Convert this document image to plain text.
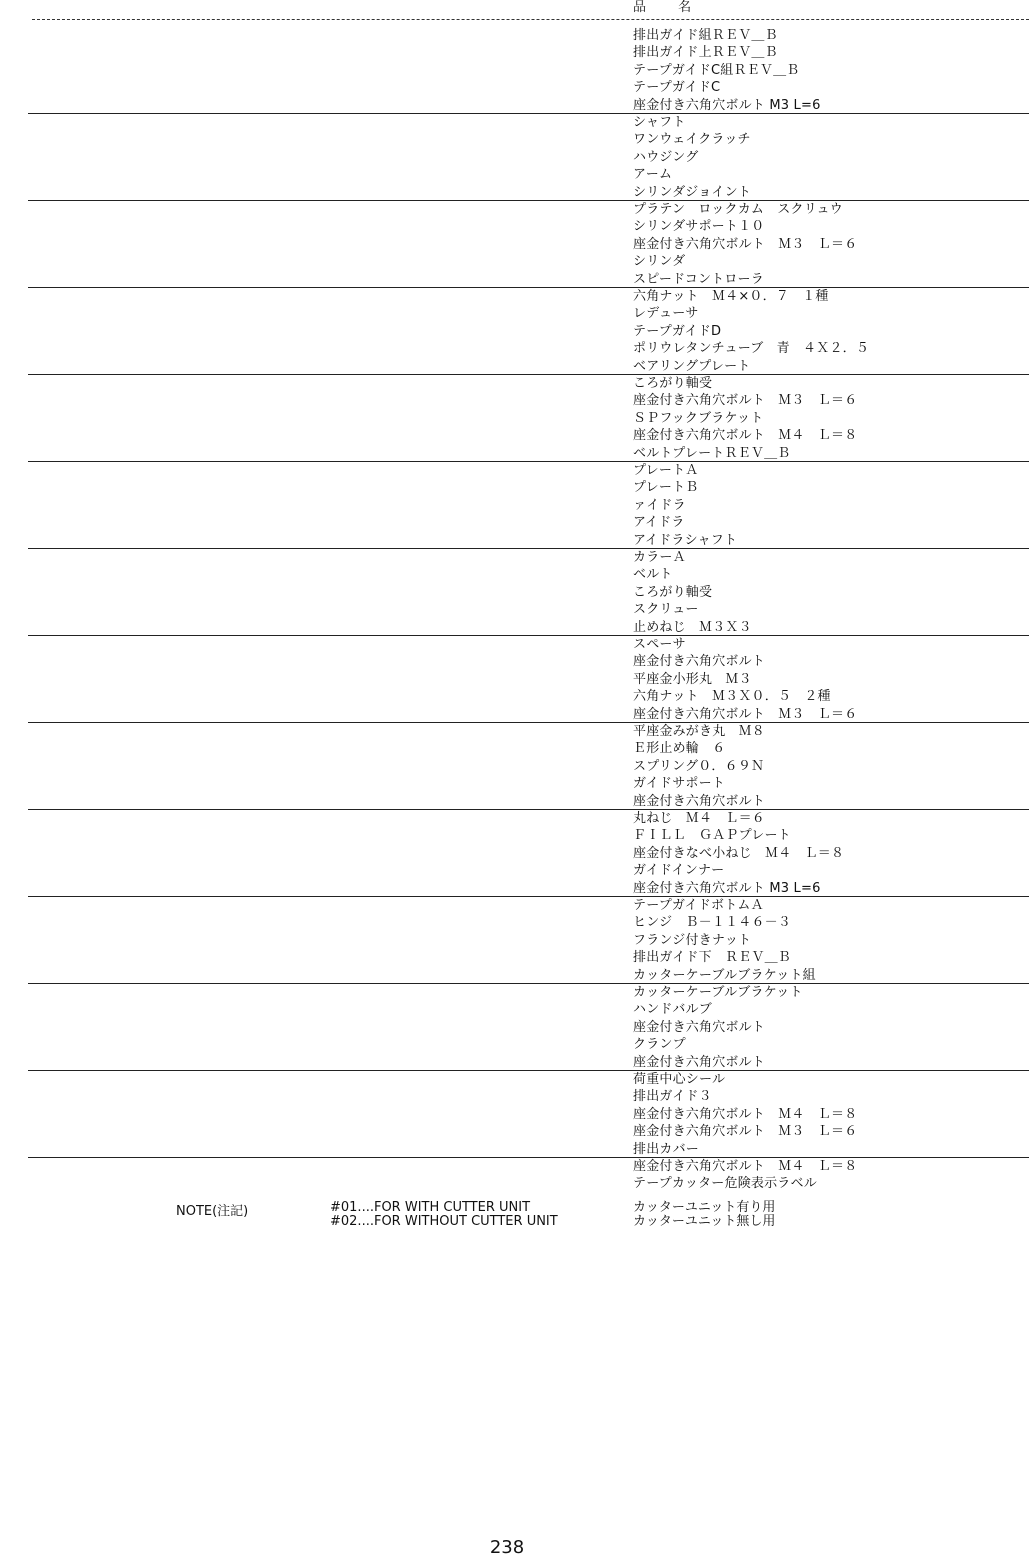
品 名
排出ガイド組ＲＥＶ＿Ｂ
排出ガイド上ＲＥＶ＿Ｂ
テープガイドC組ＲＥＶ＿Ｂ
テープガイドC
座金付き六角穴ボルト M3 L=6
シャフト
ワンウェイクラッチ
ハウジング
アーム
シリンダジョイント
プラテン　ロックカム　スクリュウ
シリンダサポート１０
座金付き六角穴ボルト　Ｍ３　Ｌ＝６
シリンダ
スピードコントローラ
六角ナット　Ｍ４×０．７　１種
レデューサ
テープガイドD
ポリウレタンチューブ　青　４Ｘ２．５
ベアリングプレート
ころがり軸受
座金付き六角穴ボルト　Ｍ３　Ｌ＝６
ＳＰフックブラケット
座金付き六角穴ボルト　Ｍ４　Ｌ＝８
ベルトプレートＲＥＶ＿Ｂ
プレートＡ
プレートＢ
ァイドラ
アイドラ
アイドラシャフト
カラーＡ
ベルト
ころがり軸受
スクリュー
止めねじ　Ｍ３Ｘ３
スペーサ
座金付き六角穴ボルト
平座金小形丸　Ｍ３
六角ナット　Ｍ３Ｘ０．５　２種
座金付き六角穴ボルト　Ｍ３　Ｌ＝６
平座金みがき丸　Ｍ８
Ｅ形止め輪　６
スプリング０．６９Ｎ
ガイドサポート
座金付き六角穴ボルト
丸ねじ　Ｍ４　Ｌ＝６
ＦＩＬＬ　ＧＡＰプレート
座金付きなべ小ねじ　Ｍ４　Ｌ＝８
ガイドインナー
座金付き六角穴ボルト M3 L=6
テープガイドボトムＡ
ヒンジ　Ｂ－１１４６－３
フランジ付きナット
排出ガイド下　ＲＥＶ＿Ｂ
カッターケーブルブラケット組
カッターケーブルブラケット
ハンドバルブ
座金付き六角穴ボルト
クランプ
座金付き六角穴ボルト
荷重中心シール
排出ガイド３
座金付き六角穴ボルト　Ｍ４　Ｌ＝８
座金付き六角穴ボルト　Ｍ３　Ｌ＝６
排出カバー
座金付き六角穴ボルト　Ｍ４　Ｌ＝８
テープカッター危険表示ラベル
NOTE(注記)	#01....FOR WITH CUTTER UNIT
#02....FOR WITHOUT CUTTER UNIT
カッターユニット有り用
カッターユニット無し用
238
